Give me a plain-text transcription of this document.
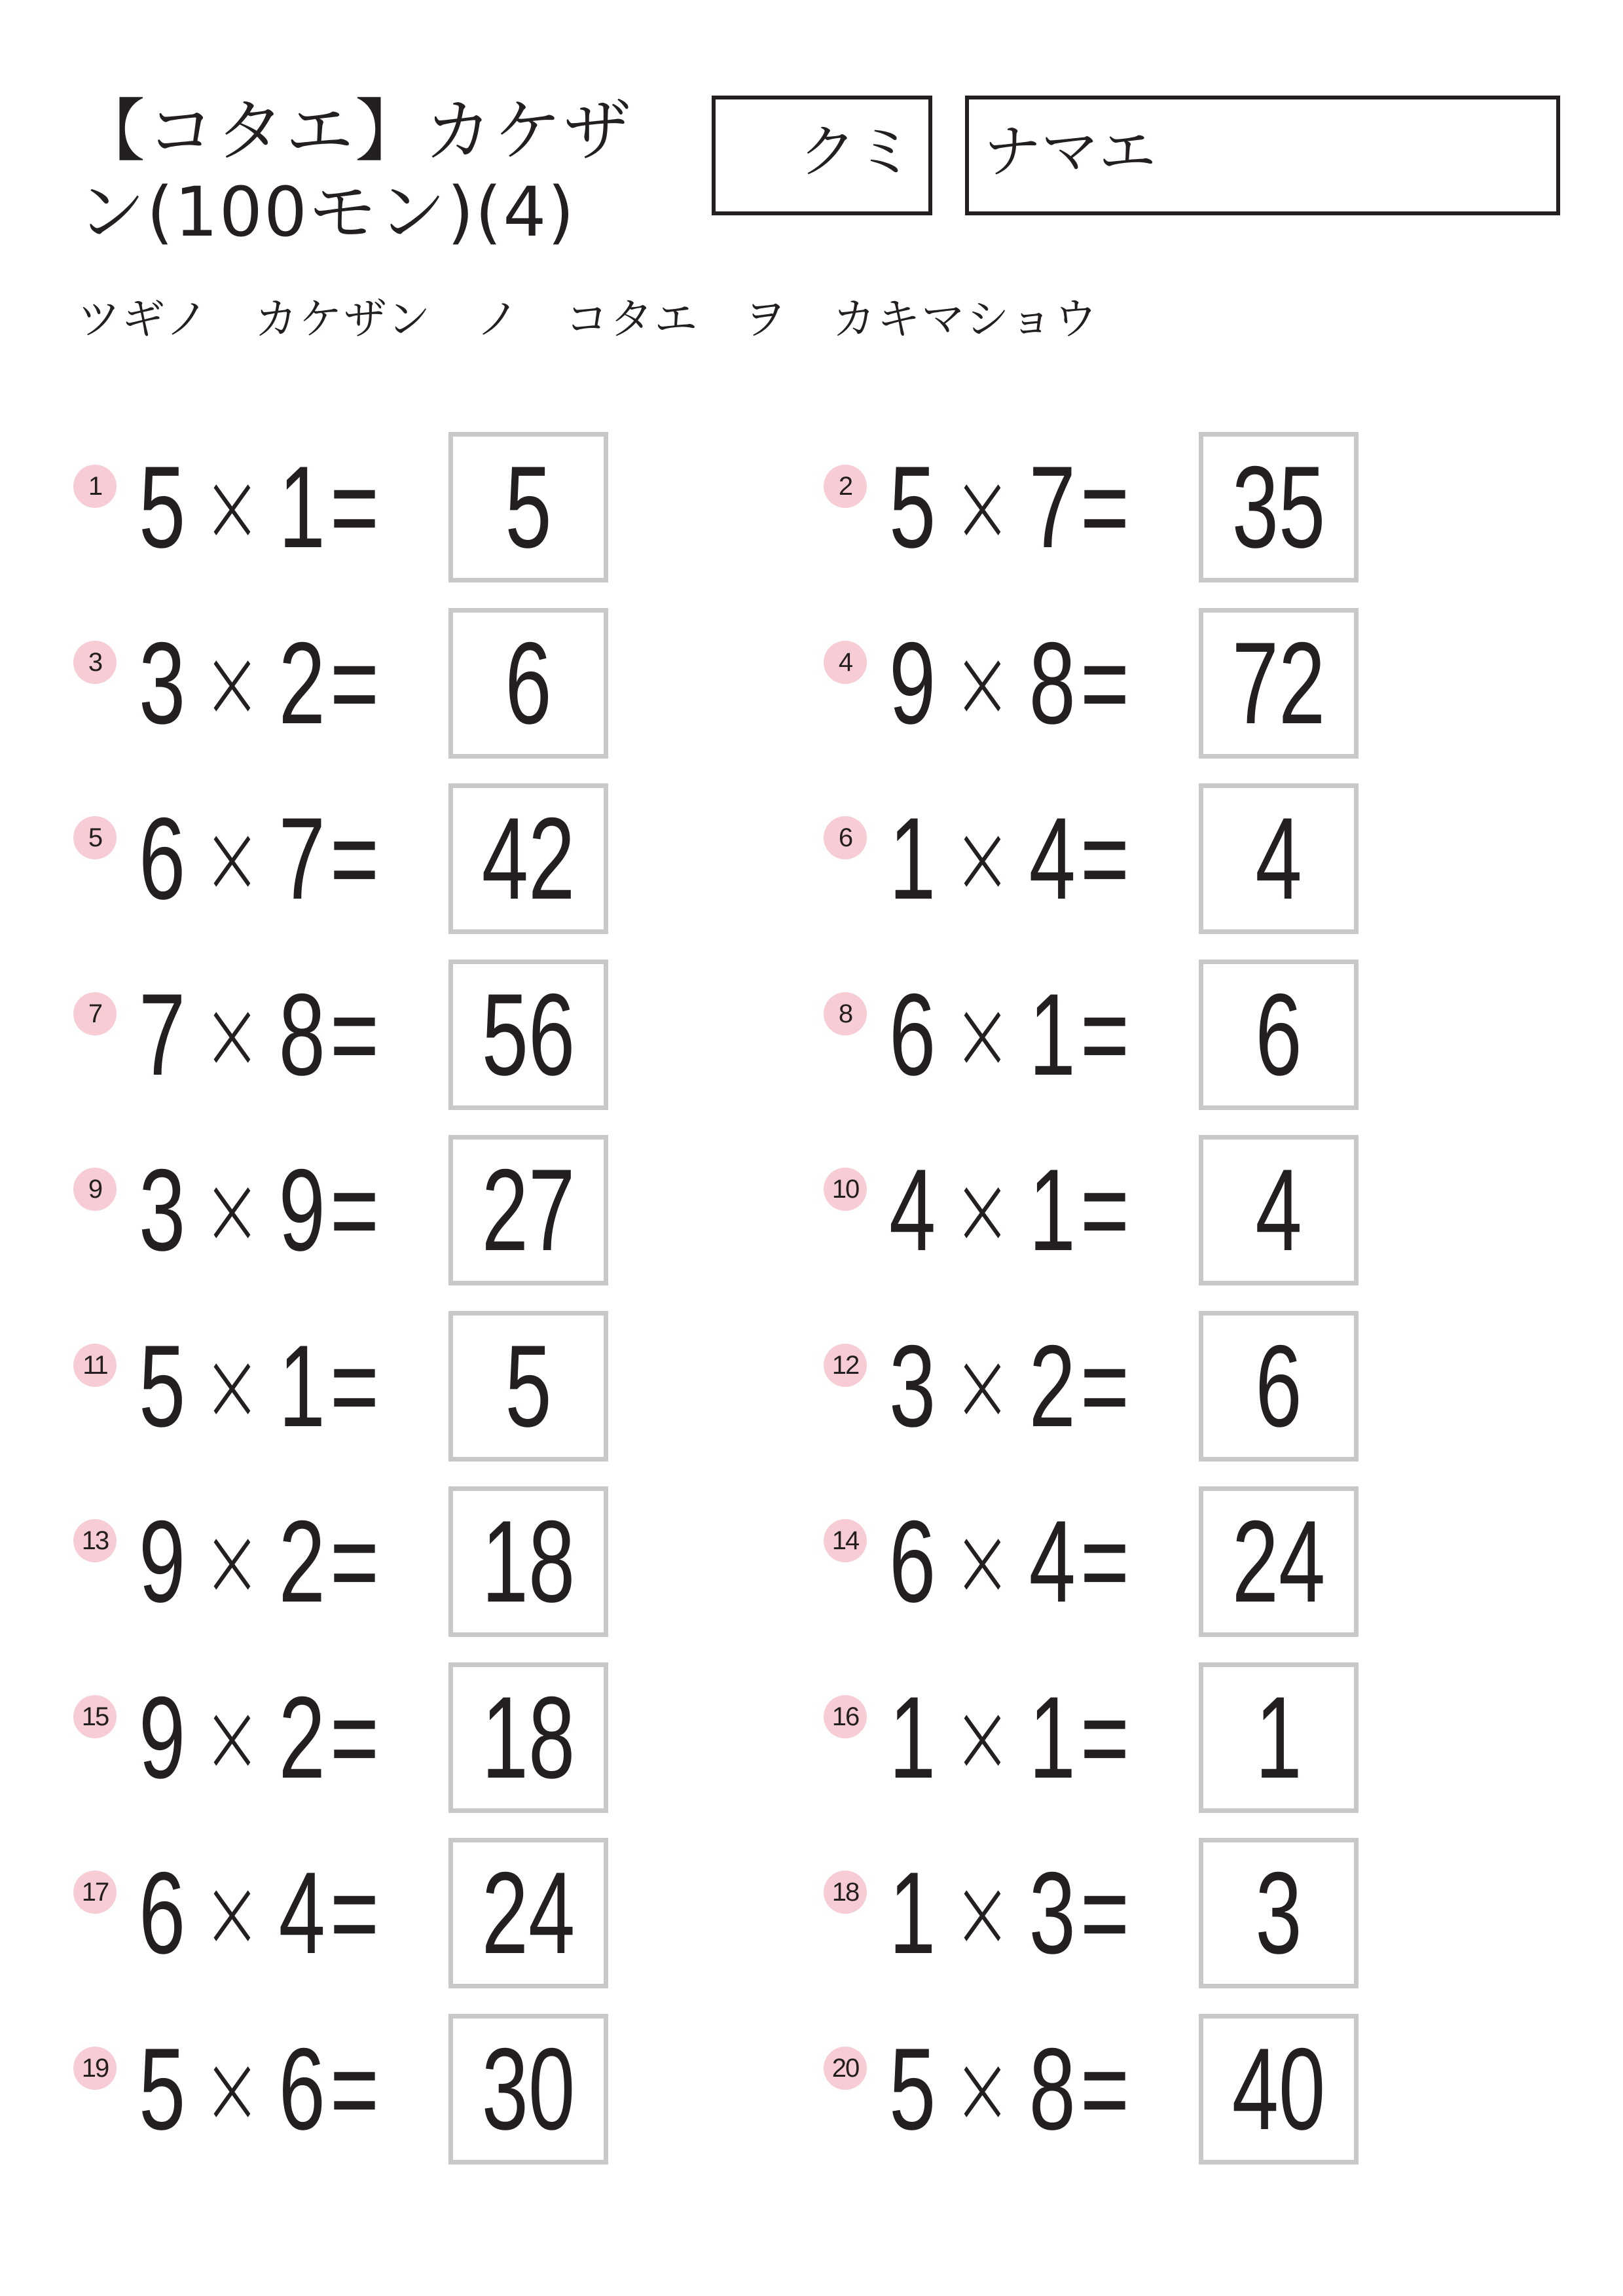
【コタエ】カケザン(100モン)(4)
クミ ナマエ
ツギノ　カケザン　ノ　コタエ　ヲ　カキマショウ
1 5 × 1 = 5	2 5 × 7 = 35
3 3 × 2 = 6	4 9 × 8 = 72
5 6 × 7 = 42	6 1 × 4 = 4
7 7 × 8 = 56	8 6 × 1 = 6
9 3 × 9 = 27	10 4 × 1 = 4
11 5 × 1 = 5	12 3 × 2 = 6
13 9 × 2 = 18	14 6 × 4 = 24
15 9 × 2 = 18	16 1 × 1 = 1
17 6 × 4 = 24	18 1 × 3 = 3
19 5 × 6 = 30	20 5 × 8 = 40
